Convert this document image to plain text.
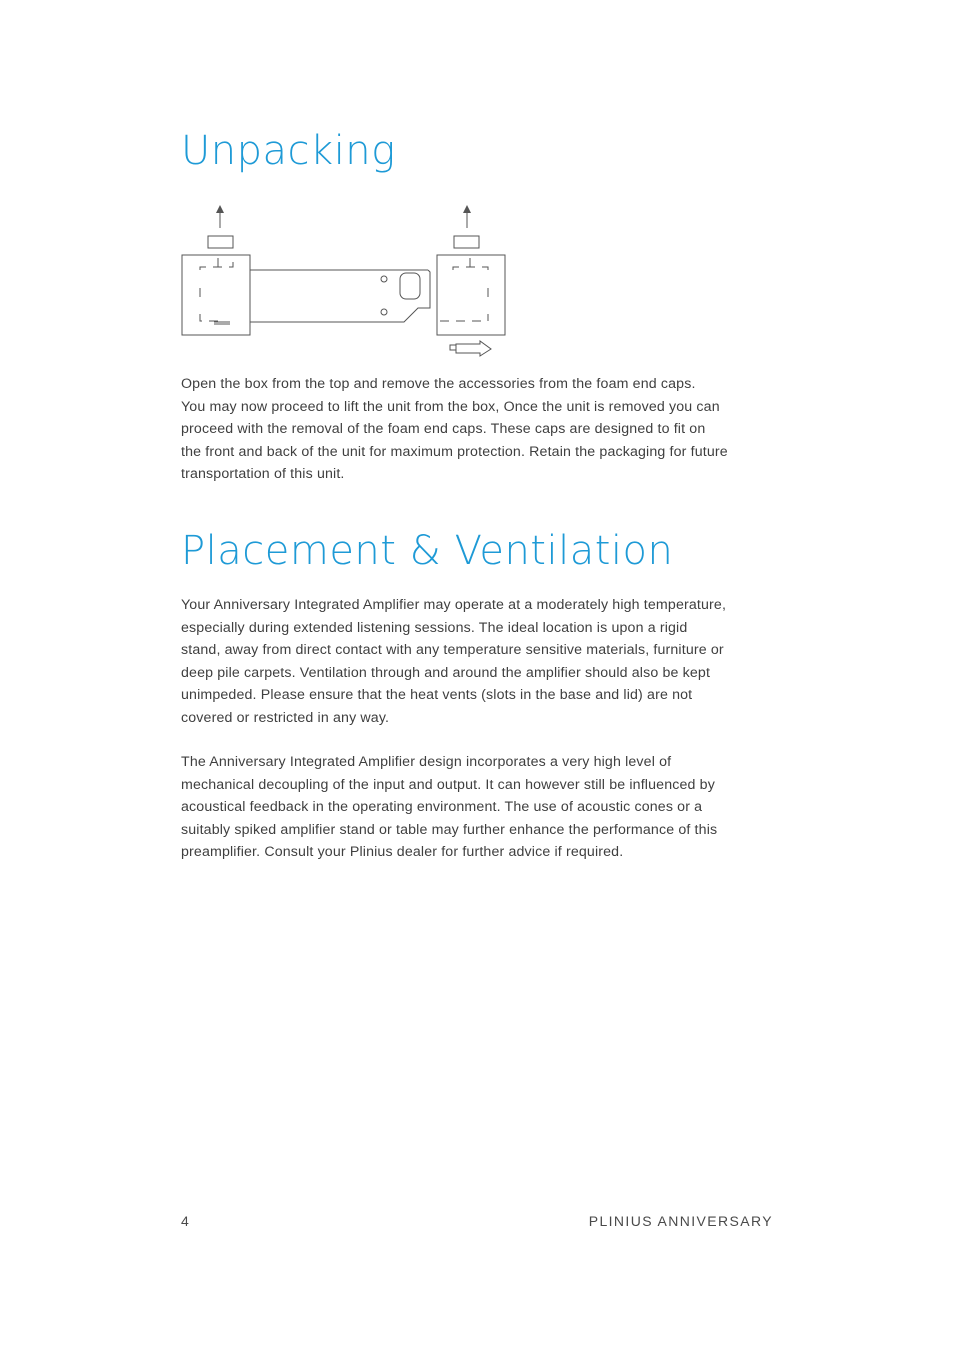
Unpacking
Open the box from the top and remove the accessories from the foam end caps.
You may now proceed to lift the unit from the box, Once the unit is removed you can
proceed with the removal of the foam end caps. These caps are designed to fit on
the front and back of the unit for maximum protection. Retain the packaging for future
transportation of this unit.
Placement & Ventilation
Your Anniversary Integrated Amplifier may operate at a moderately high temperature,
especially during extended listening sessions. The ideal location is upon a rigid
stand, away from direct contact with any temperature sensitive materials, furniture or
deep pile carpets. Ventilation through and around the amplifier should also be kept
unimpeded. Please ensure that the heat vents (slots in the base and lid) are not
covered or restricted in any way.
The Anniversary Integrated Amplifier design incorporates a very high level of
mechanical decoupling of the input and output. It can however still be influenced by
acoustical feedback in the operating environment. The use of acoustic cones or a
suitably spiked amplifier stand or table may further enhance the performance of this
preamplifier. Consult your Plinius dealer for further advice if required.
4	PLINIUS ANNIVERSARY
